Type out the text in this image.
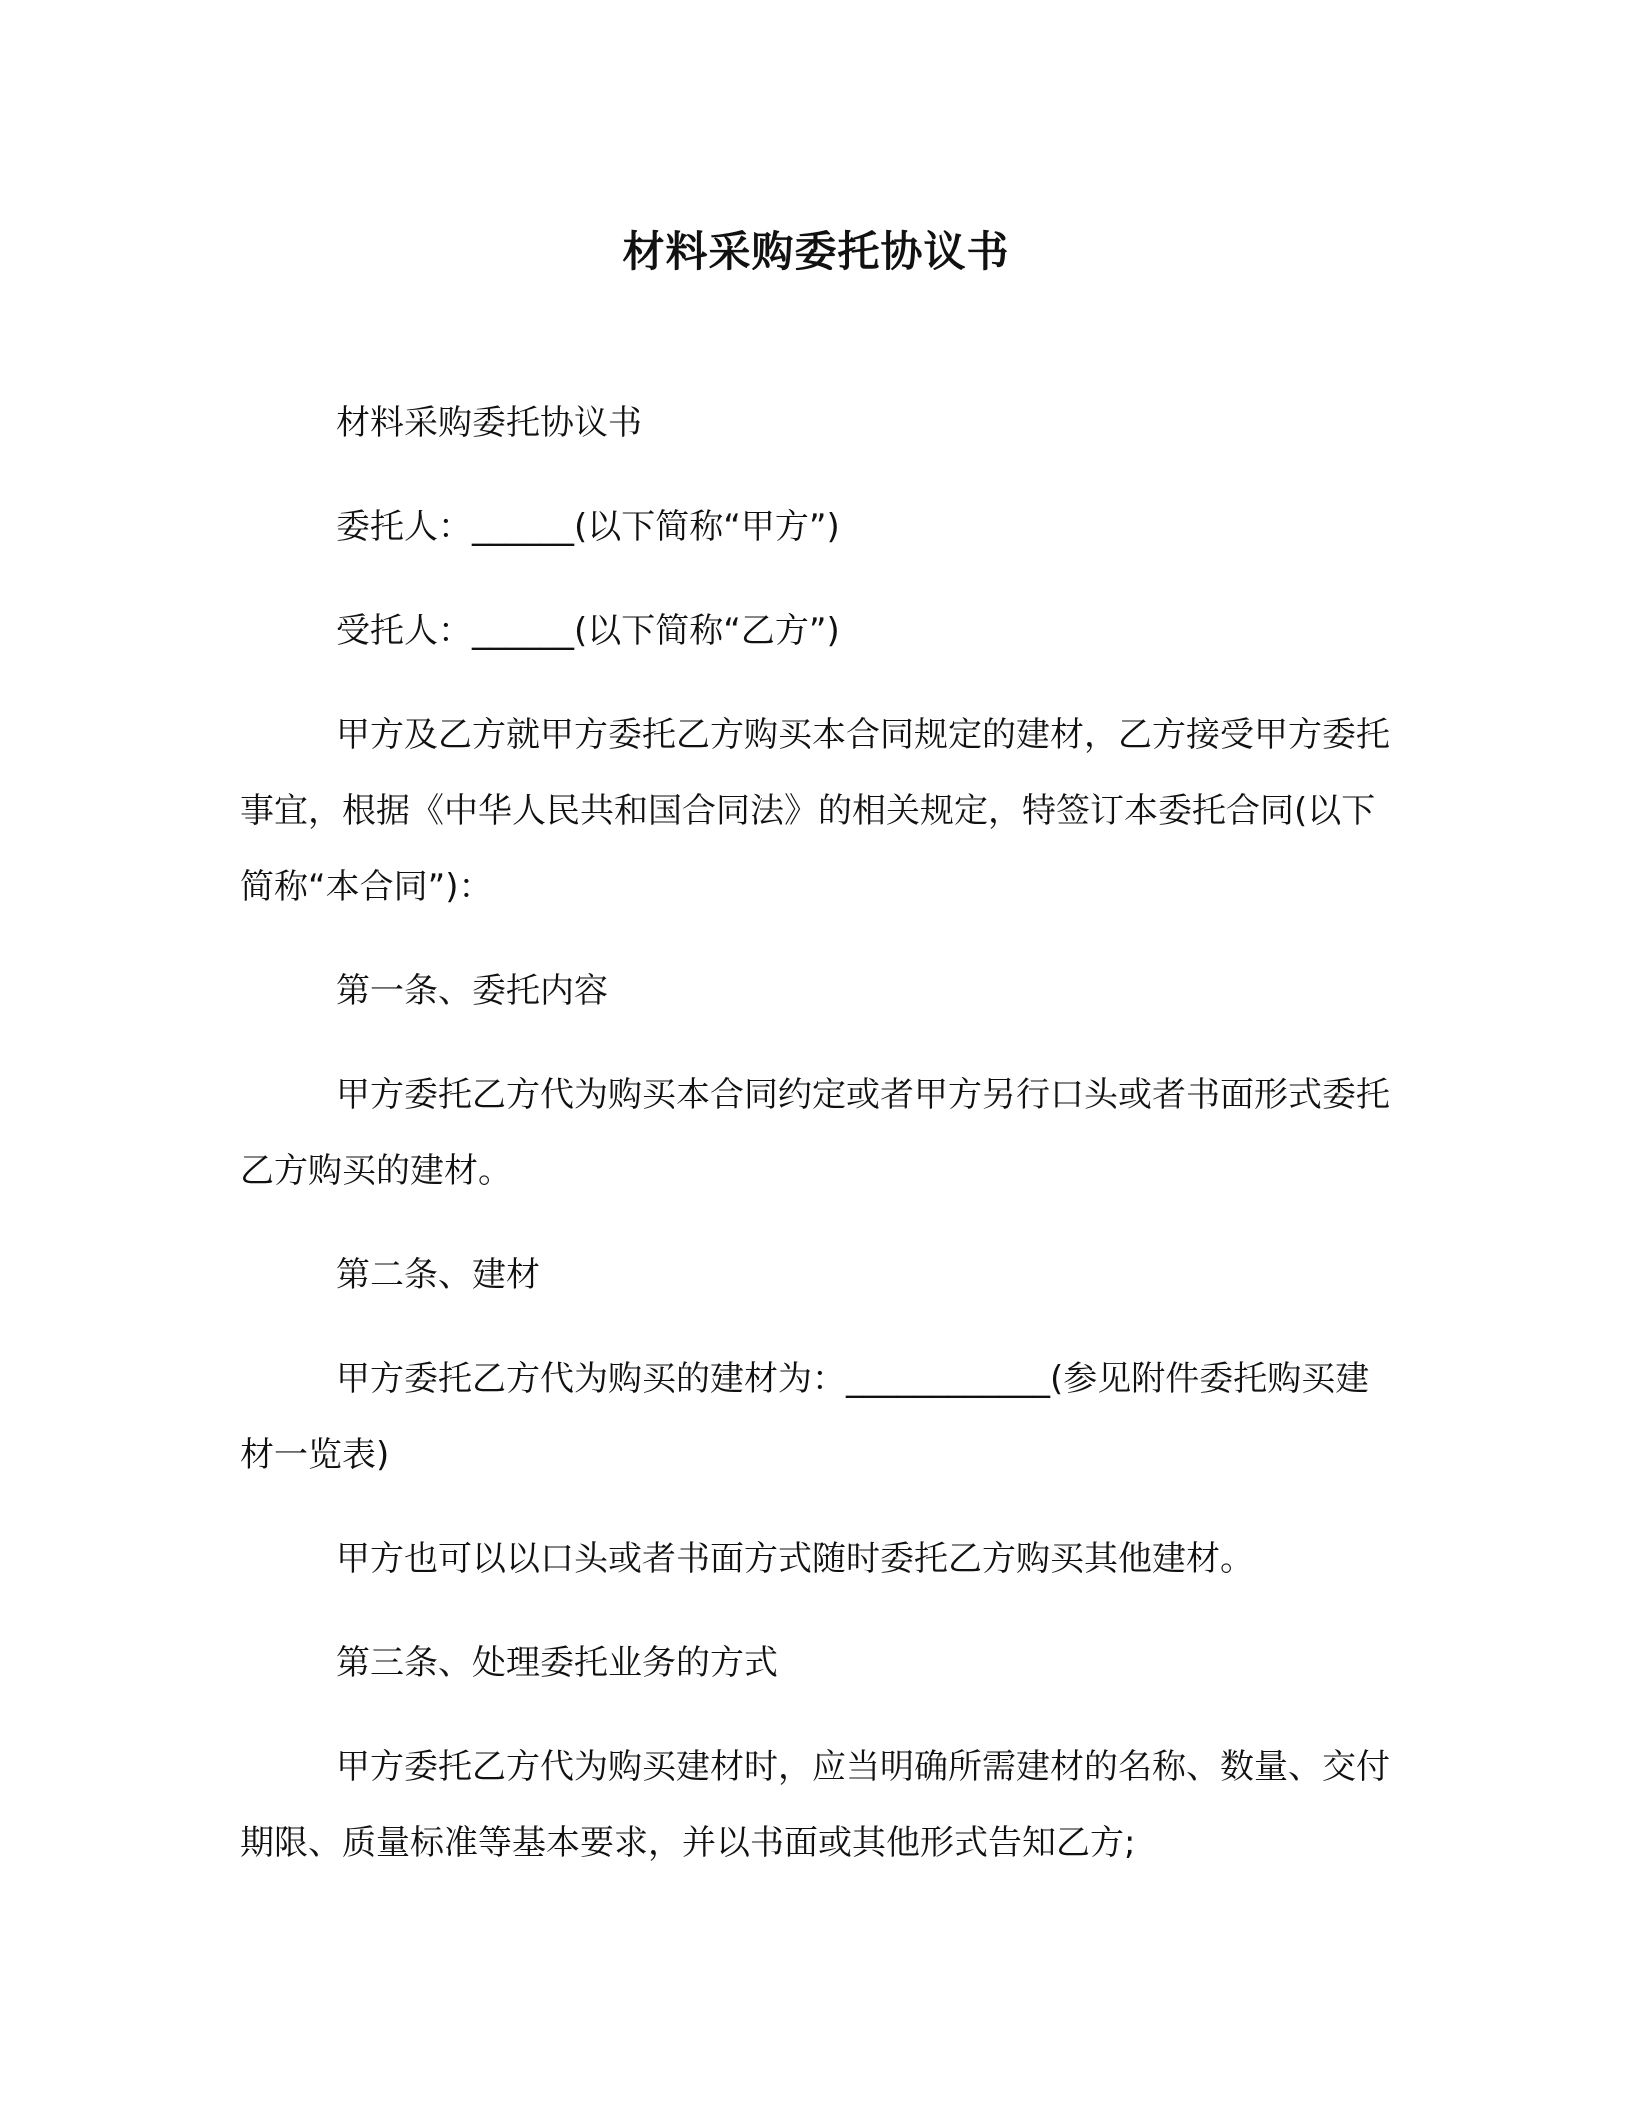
材料采购委托协议书

材料采购委托协议书

委托人：______(以下简称“甲方”)

受托人：______(以下简称“乙方”)

甲方及乙方就甲方委托乙方购买本合同规定的建材，乙方接受甲方委托事宜，根据《中华人民共和国合同法》的相关规定，特签订本委托合同(以下简称“本合同”)：

第一条、委托内容

甲方委托乙方代为购买本合同约定或者甲方另行口头或者书面形式委托乙方购买的建材。

第二条、建材

甲方委托乙方代为购买的建材为：____________(参见附件委托购买建材一览表)

甲方也可以以口头或者书面方式随时委托乙方购买其他建材。

第三条、处理委托业务的方式

甲方委托乙方代为购买建材时，应当明确所需建材的名称、数量、交付期限、质量标准等基本要求，并以书面或其他形式告知乙方;
